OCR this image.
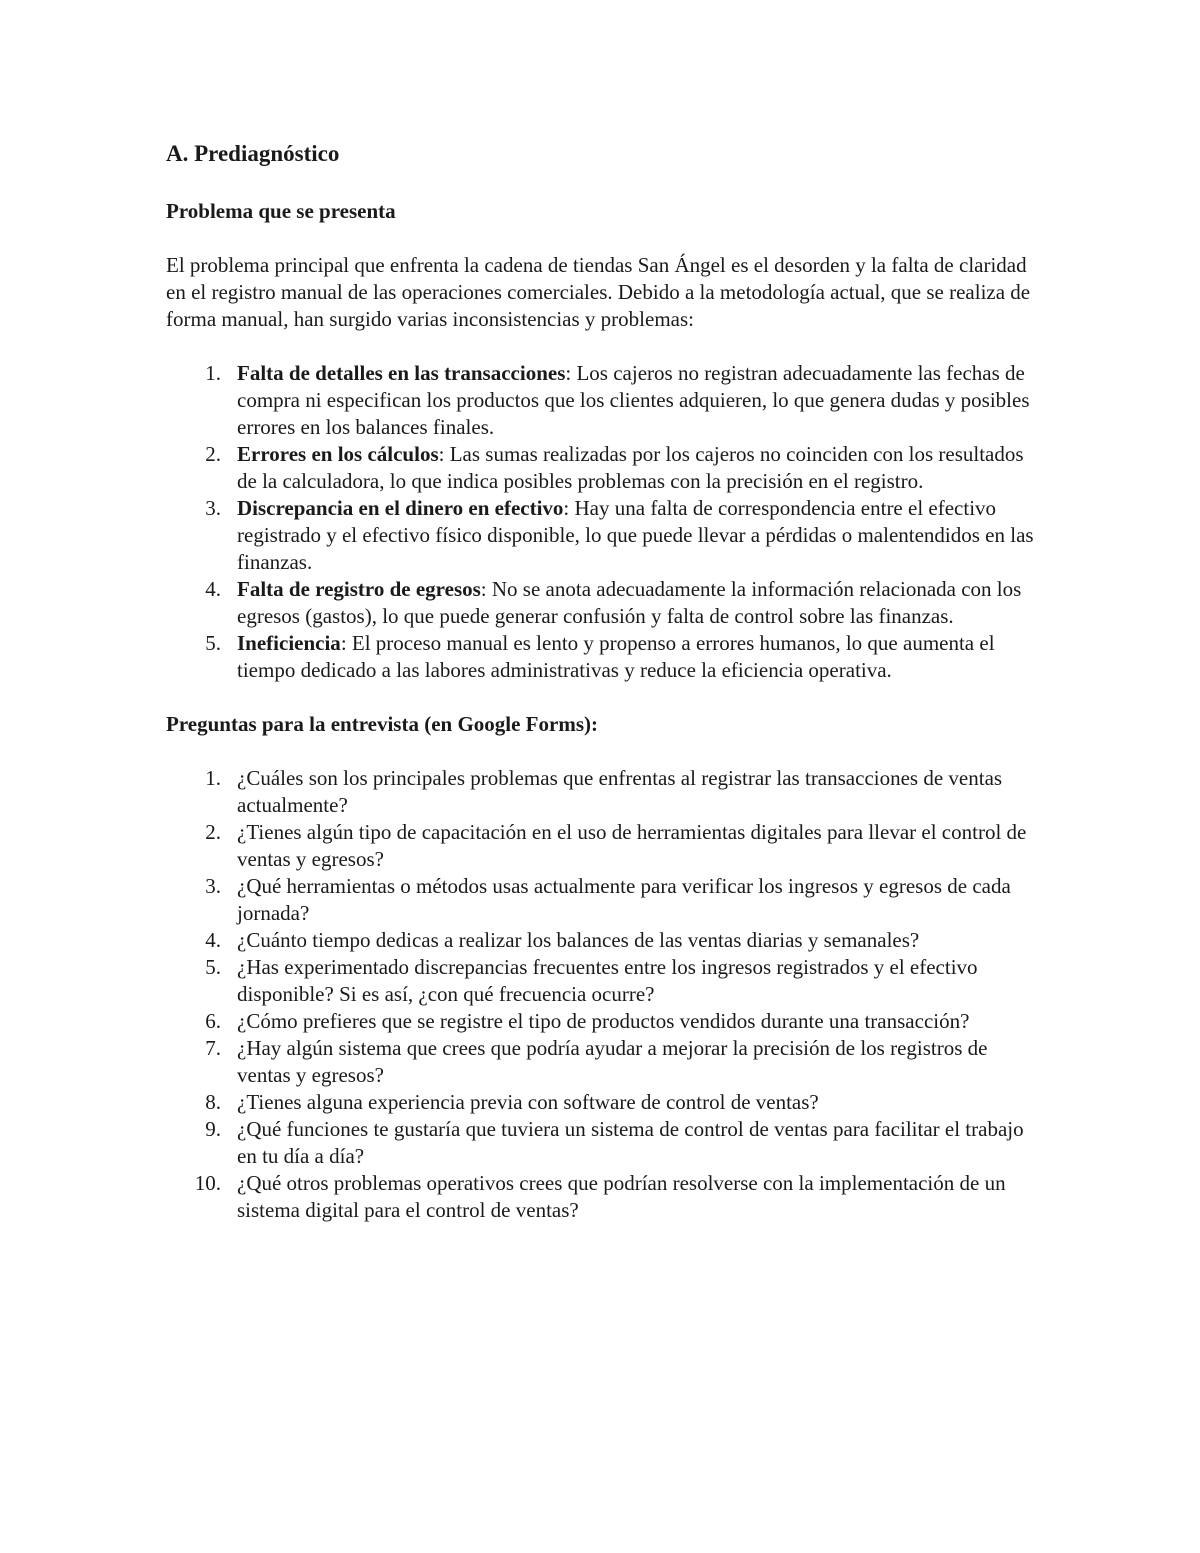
A. Prediagnóstico
Problema que se presenta

El problema principal que enfrenta la cadena de tiendas San Ángel es el desorden y la falta de claridad en el registro manual de las operaciones comerciales. Debido a la metodología actual, que se realiza de forma manual, han surgido varias inconsistencias y problemas:

1. Falta de detalles en las transacciones: Los cajeros no registran adecuadamente las fechas de compra ni especifican los productos que los clientes adquieren, lo que genera dudas y posibles errores en los balances finales.
2. Errores en los cálculos: Las sumas realizadas por los cajeros no coinciden con los resultados de la calculadora, lo que indica posibles problemas con la precisión en el registro.
3. Discrepancia en el dinero en efectivo: Hay una falta de correspondencia entre el efectivo registrado y el efectivo físico disponible, lo que puede llevar a pérdidas o malentendidos en las finanzas.
4. Falta de registro de egresos: No se anota adecuadamente la información relacionada con los egresos (gastos), lo que puede generar confusión y falta de control sobre las finanzas.
5. Ineficiencia: El proceso manual es lento y propenso a errores humanos, lo que aumenta el tiempo dedicado a las labores administrativas y reduce la eficiencia operativa.
Preguntas para la entrevista (en Google Forms):
1. ¿Cuáles son los principales problemas que enfrentas al registrar las transacciones de ventas actualmente?
2. ¿Tienes algún tipo de capacitación en el uso de herramientas digitales para llevar el control de ventas y egresos?
3. ¿Qué herramientas o métodos usas actualmente para verificar los ingresos y egresos de cada jornada?
4. ¿Cuánto tiempo dedicas a realizar los balances de las ventas diarias y semanales?
5. ¿Has experimentado discrepancias frecuentes entre los ingresos registrados y el efectivo disponible? Si es así, ¿con qué frecuencia ocurre?
6. ¿Cómo prefieres que se registre el tipo de productos vendidos durante una transacción?
7. ¿Hay algún sistema que crees que podría ayudar a mejorar la precisión de los registros de ventas y egresos?
8. ¿Tienes alguna experiencia previa con software de control de ventas?
9. ¿Qué funciones te gustaría que tuviera un sistema de control de ventas para facilitar el trabajo en tu día a día?
10. ¿Qué otros problemas operativos crees que podrían resolverse con la implementación de un sistema digital para el control de ventas?
